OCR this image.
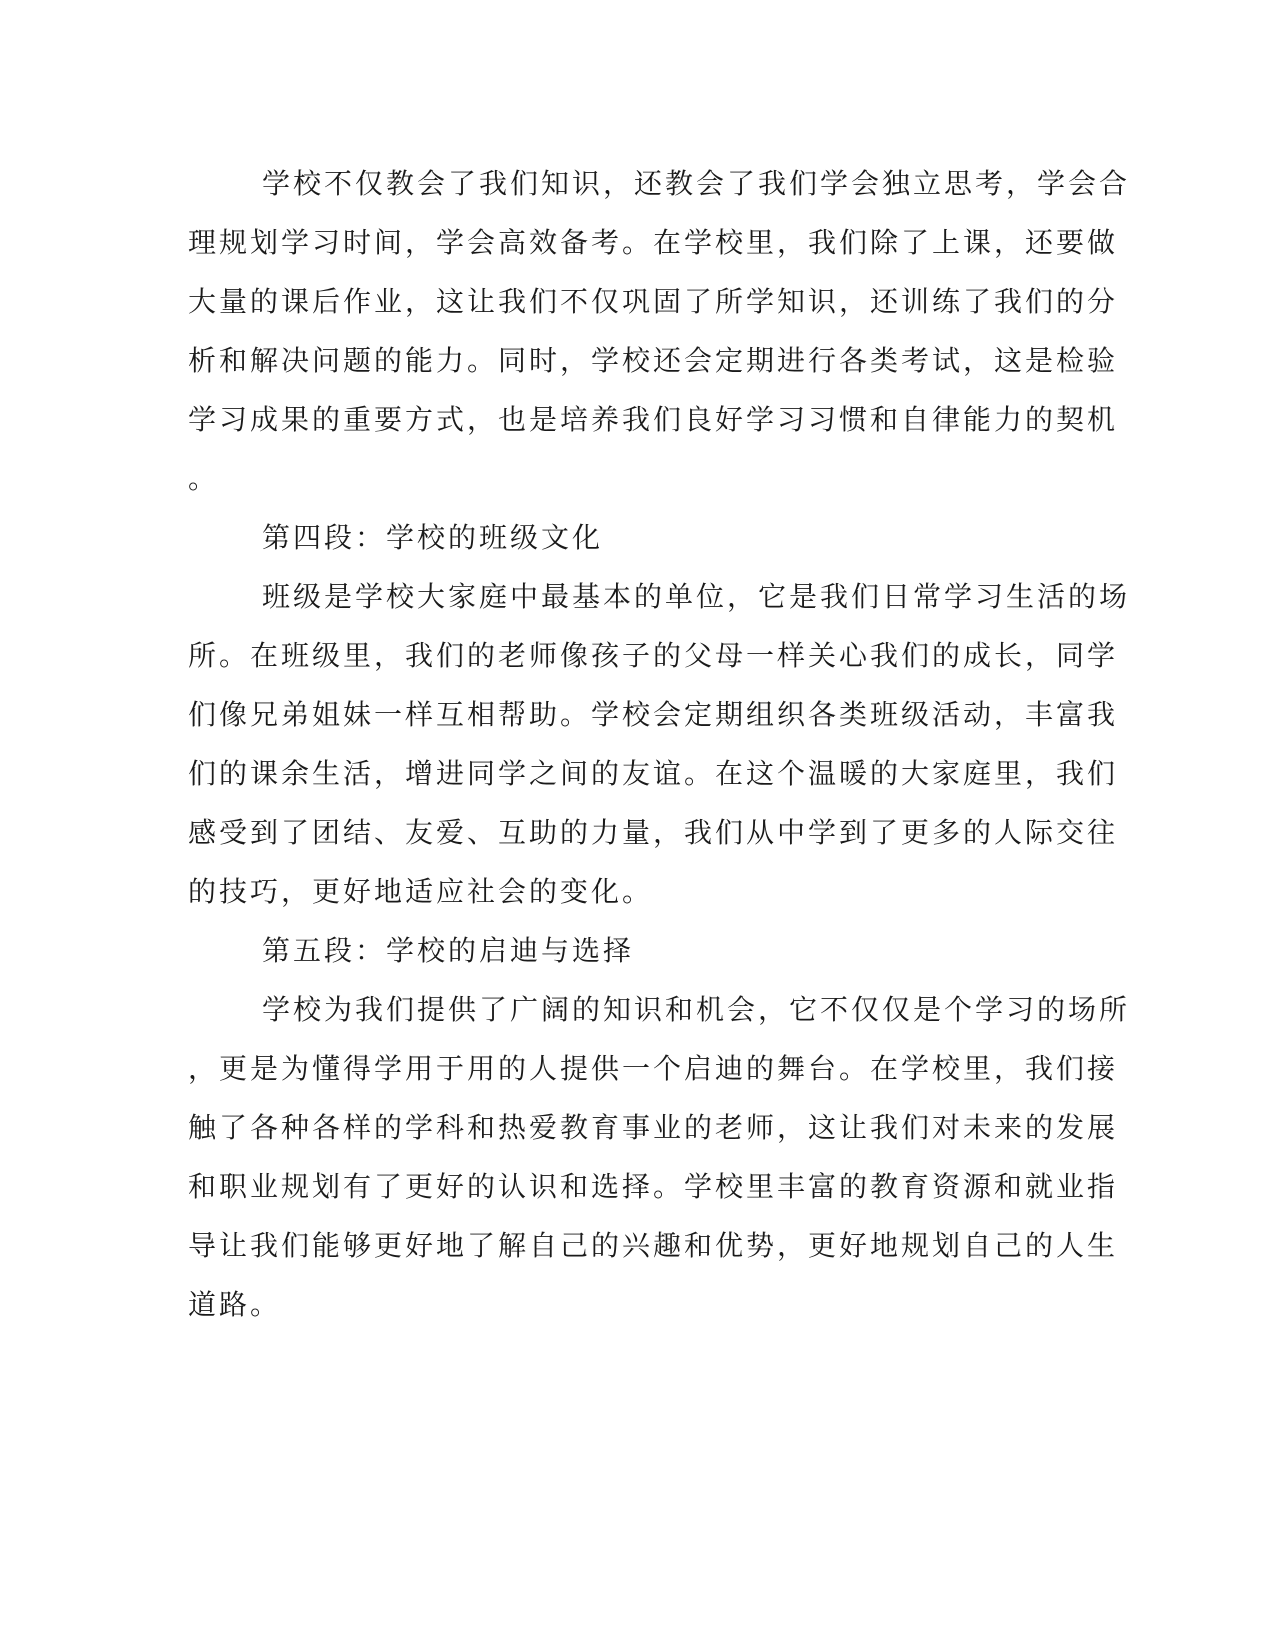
学校不仅教会了我们知识，还教会了我们学会独立思考，学会合
理规划学习时间，学会高效备考。在学校里，我们除了上课，还要做
大量的课后作业，这让我们不仅巩固了所学知识，还训练了我们的分
析和解决问题的能力。同时，学校还会定期进行各类考试，这是检验
学习成果的重要方式，也是培养我们良好学习习惯和自律能力的契机
。
第四段：学校的班级文化
班级是学校大家庭中最基本的单位，它是我们日常学习生活的场
所。在班级里，我们的老师像孩子的父母一样关心我们的成长，同学
们像兄弟姐妹一样互相帮助。学校会定期组织各类班级活动，丰富我
们的课余生活，增进同学之间的友谊。在这个温暖的大家庭里，我们
感受到了团结、友爱、互助的力量，我们从中学到了更多的人际交往
的技巧，更好地适应社会的变化。
第五段：学校的启迪与选择
学校为我们提供了广阔的知识和机会，它不仅仅是个学习的场所
，更是为懂得学用于用的人提供一个启迪的舞台。在学校里，我们接
触了各种各样的学科和热爱教育事业的老师，这让我们对未来的发展
和职业规划有了更好的认识和选择。学校里丰富的教育资源和就业指
导让我们能够更好地了解自己的兴趣和优势，更好地规划自己的人生
道路。
